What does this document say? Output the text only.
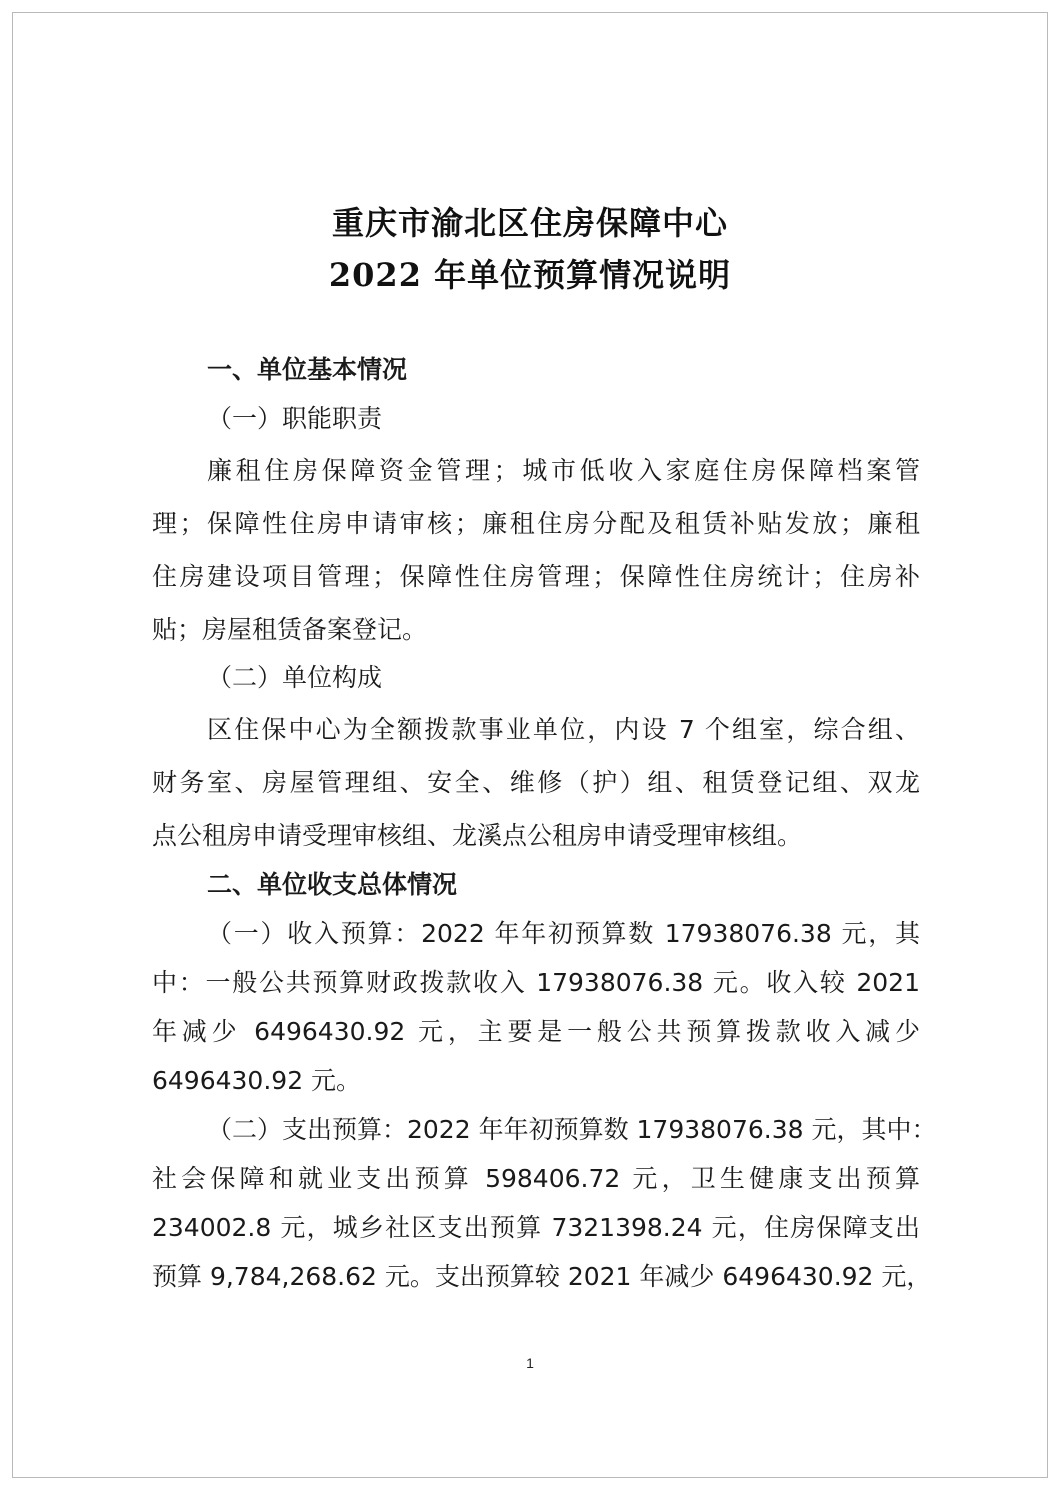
重庆市渝北区住房保障中心
2022 年单位预算情况说明
一、单位基本情况
（一）职能职责
廉租住房保障资金管理；城市低收入家庭住房保障档案管
理；保障性住房申请审核；廉租住房分配及租赁补贴发放；廉租
住房建设项目管理；保障性住房管理；保障性住房统计；住房补
贴；房屋租赁备案登记。
（二）单位构成
区住保中心为全额拨款事业单位，内设 7 个组室，综合组、
财务室、房屋管理组、安全、维修（护）组、租赁登记组、双龙
点公租房申请受理审核组、龙溪点公租房申请受理审核组。
二、单位收支总体情况
（一）收入预算：2022 年年初预算数 17938076.38 元，其
中：一般公共预算财政拨款收入 17938076.38 元。收入较 2021
年减少 6496430.92 元，主要是一般公共预算拨款收入减少
6496430.92 元。
（二）支出预算：2022 年年初预算数 17938076.38 元，其中：
社会保障和就业支出预算 598406.72 元，卫生健康支出预算
234002.8 元，城乡社区支出预算 7321398.24 元，住房保障支出
预算 9,784,268.62 元。支出预算较 2021 年减少 6496430.92 元，
1
